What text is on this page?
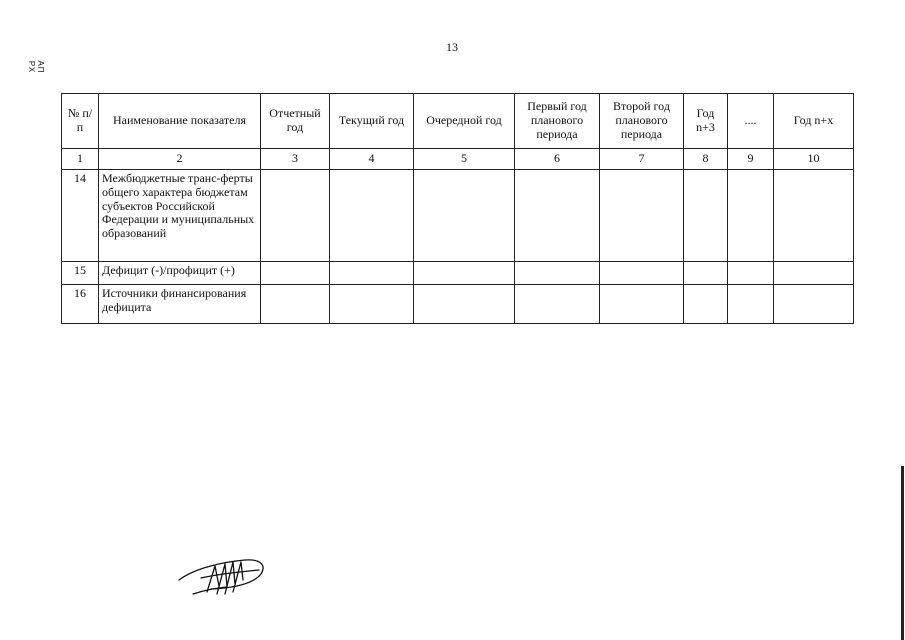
13
АП РХ
№ п/п	Наименование показателя	Отчетный год	Текущий год	Очередной год	Первый год планового периода	Второй год планового периода	Год n+3	....	Год n+x
1	2	3	4	5	6	7	8	9	10
14	Межбюджетные транс-ферты общего характера бюджетам субъектов Российской Федерации и муниципальных образований								
15	Дефицит (-)/профицит (+)								
16	Источники финансирования дефицита								
